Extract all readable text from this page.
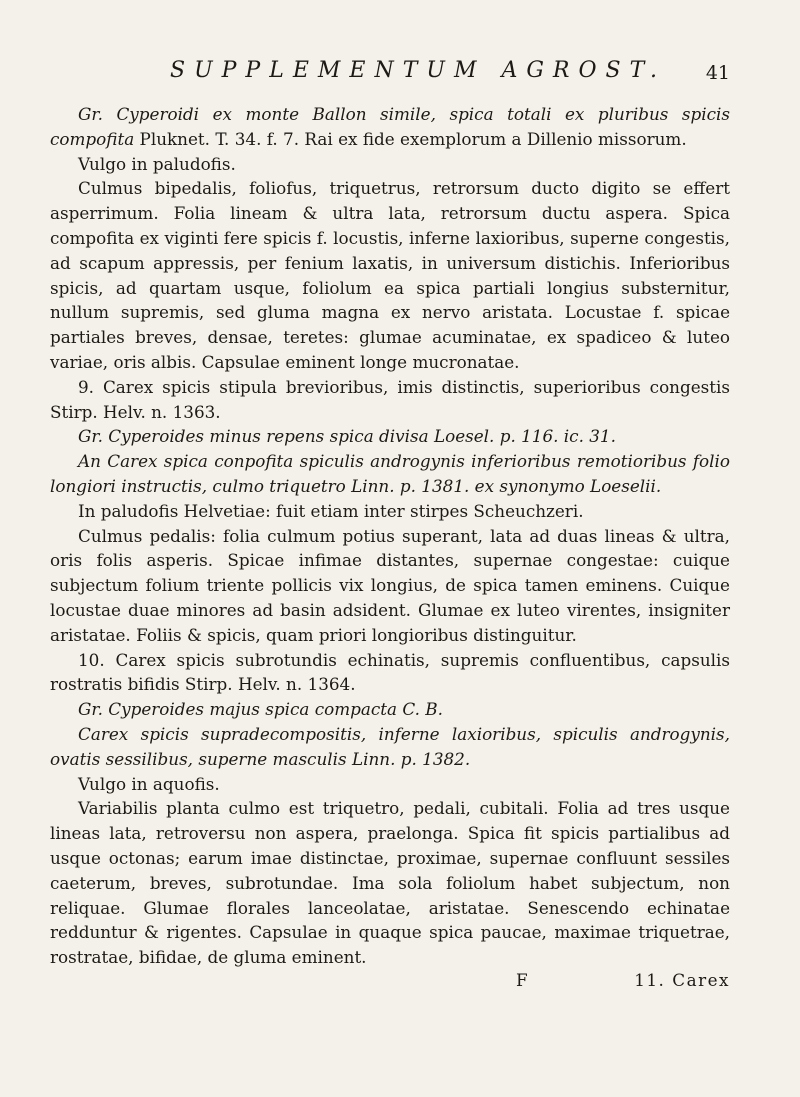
SUPPLEMENTUM AGROST. 41

Gr. Cyperoidi ex monte Ballon simile, spica totali ex pluribus spicis compofita Pluknet. T. 34. f. 7. Rai ex fide exemplorum a Dillenio missorum.

Vulgo in paludofis.

Culmus bipedalis, foliofus, triquetrus, retrorsum ducto digito se effert asperrimum. Folia lineam & ultra lata, retrorsum ductu aspera. Spica compofita ex viginti fere spicis f. locustis, inferne laxioribus, superne congestis, ad scapum appressis, per fenium laxatis, in universum distichis. Inferioribus spicis, ad quartam usque, foliolum ea spica partiali longius substernitur, nullum supremis, sed gluma magna ex nervo aristata. Locustae f. spicae partiales breves, densae, teretes: glumae acuminatae, ex spadiceo & luteo variae, oris albis. Capsulae eminent longe mucronatae.

9. Carex spicis stipula brevioribus, imis distinctis, superioribus congestis Stirp. Helv. n. 1363.

Gr. Cyperoides minus repens spica divisa Loesel. p. 116. ic. 31.

An Carex spica conpofita spiculis androgynis inferioribus remotioribus folio longiori instructis, culmo triquetro Linn. p. 1381. ex synonymo Loeselii.

In paludofis Helvetiae: fuit etiam inter stirpes Scheuchzeri.

Culmus pedalis: folia culmum potius superant, lata ad duas lineas & ultra, oris folis asperis. Spicae infimae distantes, supernae congestae: cuique subjectum folium triente pollicis vix longius, de spica tamen eminens. Cuique locustae duae minores ad basin adsident. Glumae ex luteo virentes, insigniter aristatae. Foliis & spicis, quam priori longioribus distinguitur.

10. Carex spicis subrotundis echinatis, supremis confluentibus, capsulis rostratis bifidis Stirp. Helv. n. 1364.

Gr. Cyperoides majus spica compacta C. B.

Carex spicis supradecompositis, inferne laxioribus, spiculis androgynis, ovatis sessilibus, superne masculis Linn. p. 1382.

Vulgo in aquofis.

Variabilis planta culmo est triquetro, pedali, cubitali. Folia ad tres usque lineas lata, retroversu non aspera, praelonga. Spica fit spicis partialibus ad usque octonas; earum imae distinctae, proximae, supernae confluunt sessiles caeterum, breves, subrotundae. Ima sola foliolum habet subjectum, non reliquae. Glumae florales lanceolatae, aristatae. Senescendo echinatae redduntur & rigentes. Capsulae in quaque spica paucae, maximae triquetrae, rostratae, bifidae, de gluma eminent.

F	11. Carex
